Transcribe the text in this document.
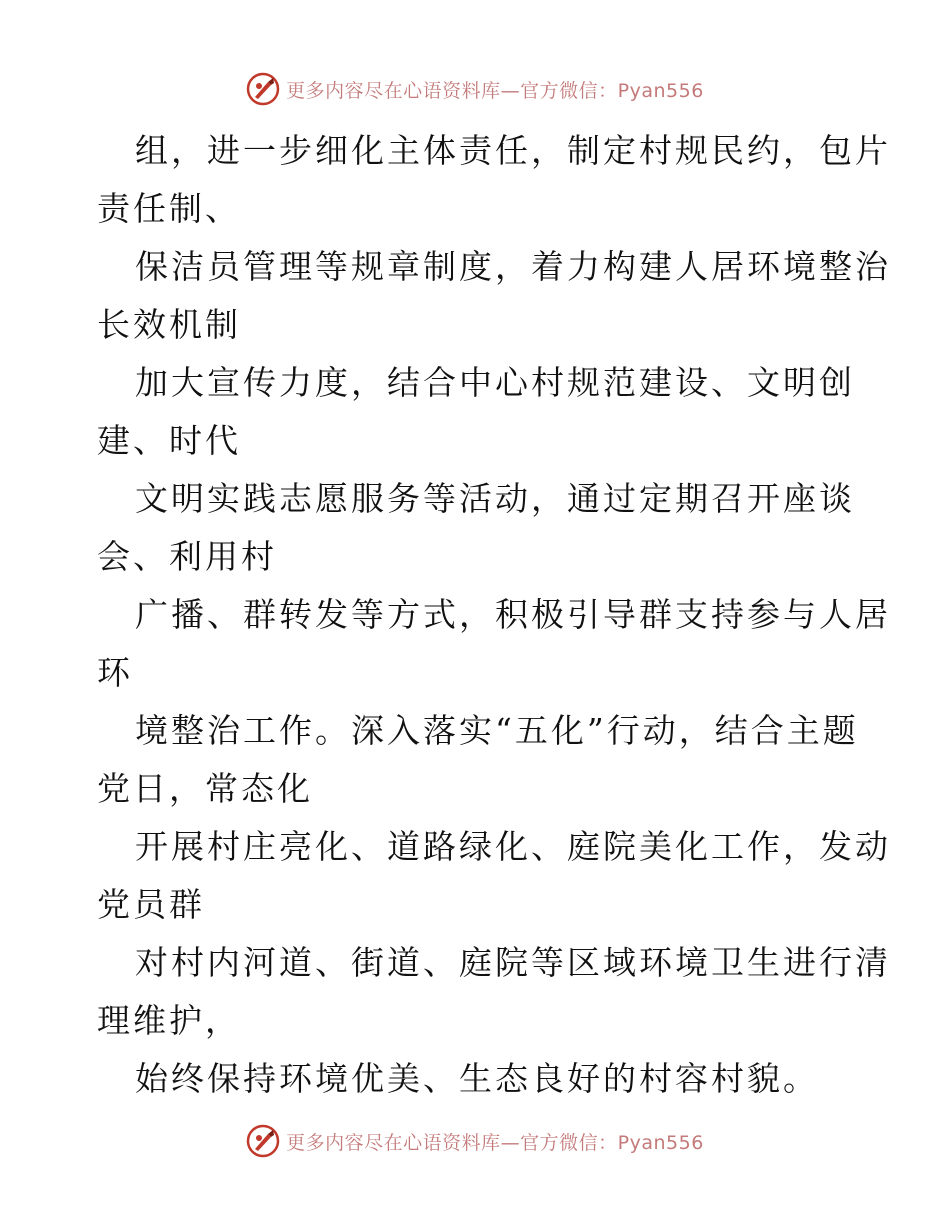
更多内容尽在心语资料库—官方微信：Pyan556

组，进一步细化主体责任，制定村规民约，包片
责任制、

保洁员管理等规章制度，着力构建人居环境整治
长效机制

加大宣传力度，结合中心村规范建设、文明创
建、时代

文明实践志愿服务等活动，通过定期召开座谈
会、利用村

广播、群转发等方式，积极引导群支持参与人居
环

境整治工作。深入落实“五化”行动，结合主题
党日，常态化

开展村庄亮化、道路绿化、庭院美化工作，发动
党员群

对村内河道、街道、庭院等区域环境卫生进行清
理维护，

始终保持环境优美、生态良好的村容村貌。

更多内容尽在心语资料库—官方微信：Pyan556
